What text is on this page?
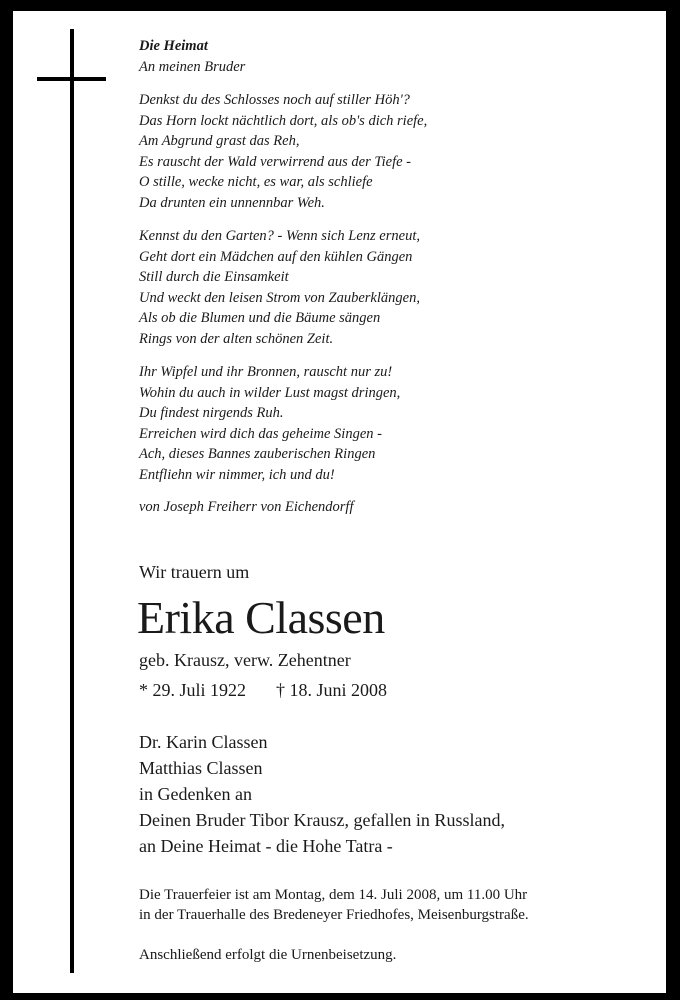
Die Heimat
An meinen Bruder
Denkst du des Schlosses noch auf stiller Höh'?
Das Horn lockt nächtlich dort, als ob's dich riefe,
Am Abgrund grast das Reh,
Es rauscht der Wald verwirrend aus der Tiefe -
O stille, wecke nicht, es war, als schliefe
Da drunten ein unnennbar Weh.
Kennst du den Garten? - Wenn sich Lenz erneut,
Geht dort ein Mädchen auf den kühlen Gängen
Still durch die Einsamkeit
Und weckt den leisen Strom von Zauberklängen,
Als ob die Blumen und die Bäume sängen
Rings von der alten schönen Zeit.
Ihr Wipfel und ihr Bronnen, rauscht nur zu!
Wohin du auch in wilder Lust magst dringen,
Du findest nirgends Ruh.
Erreichen wird dich das geheime Singen -
Ach, dieses Bannes zauberischen Ringen
Entfliehn wir nimmer, ich und du!
von Joseph Freiherr von Eichendorff
Wir trauern um
Erika Classen
geb. Krausz, verw. Zehentner
* 29. Juli 1922 † 18. Juni 2008
Dr. Karin Classen
Matthias Classen
in Gedenken an
Deinen Bruder Tibor Krausz, gefallen in Russland,
an Deine Heimat - die Hohe Tatra -
Die Trauerfeier ist am Montag, dem 14. Juli 2008, um 11.00 Uhr
in der Trauerhalle des Bredeneyer Friedhofes, Meisenburgstraße.
Anschließend erfolgt die Urnenbeisetzung.
